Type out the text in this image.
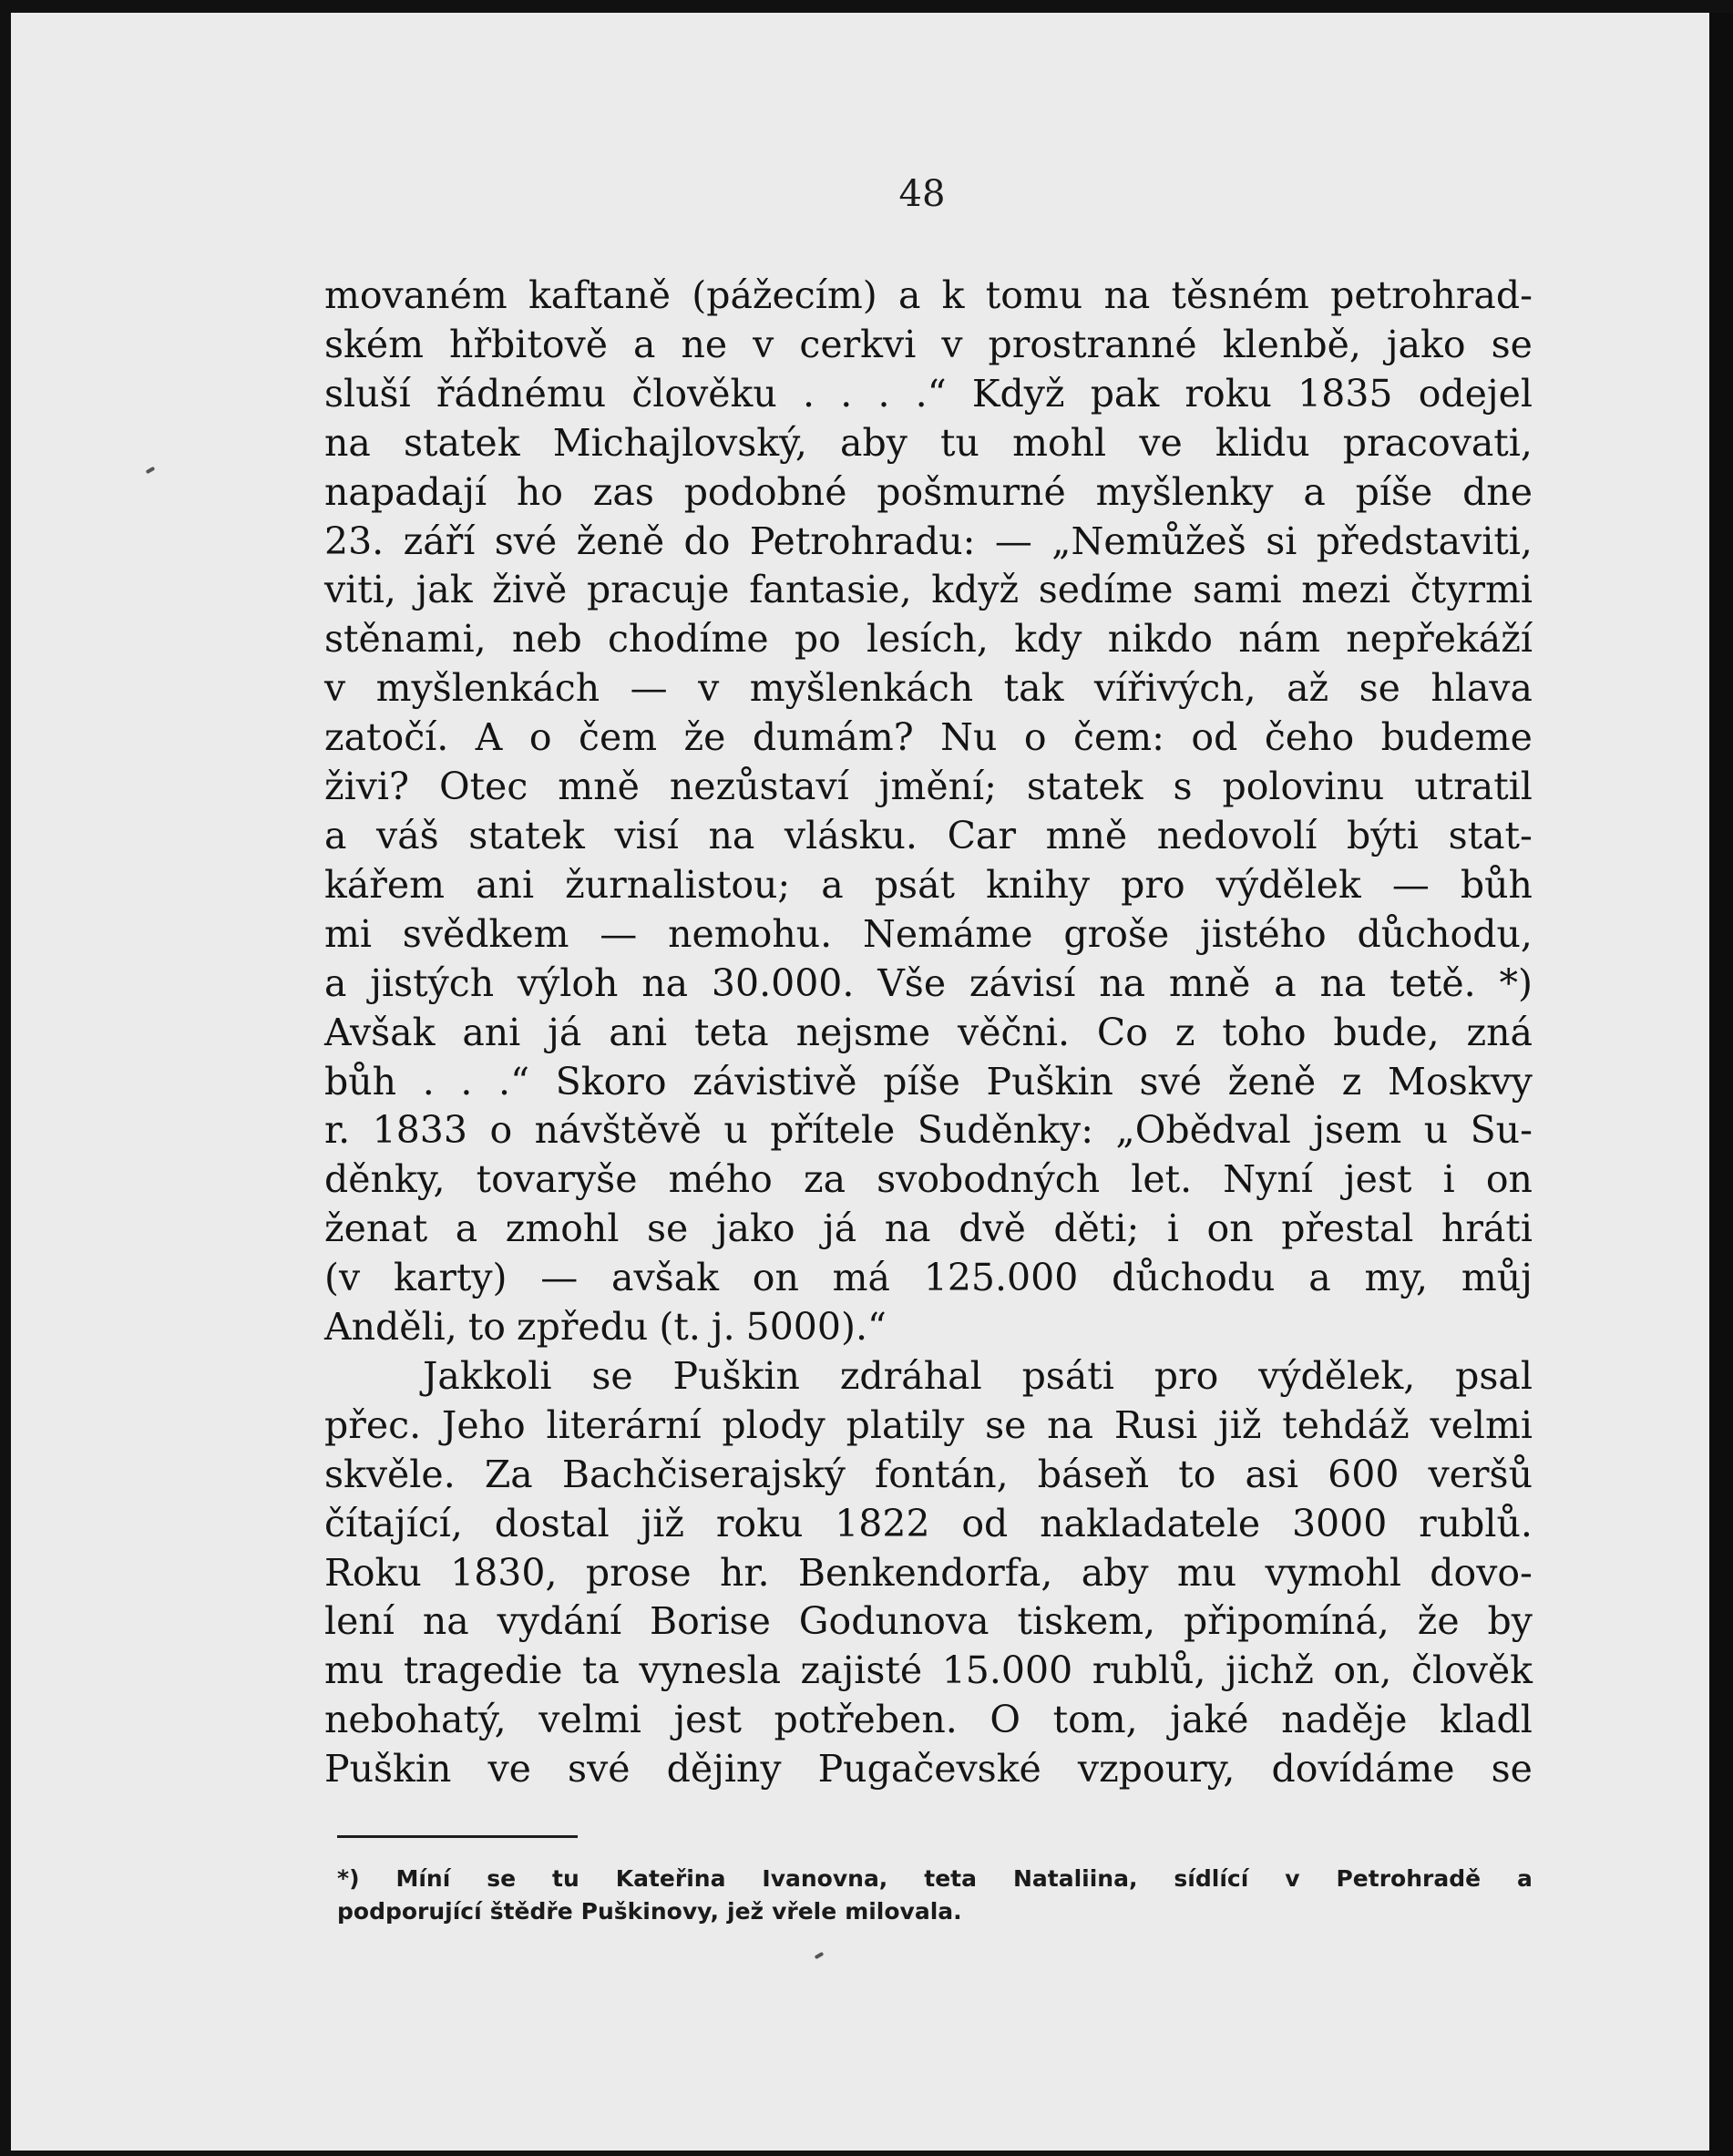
48
movaném kaftaně (pážecím) a k tomu na těsném petrohrad-
ském hřbitově a ne v cerkvi v prostranné klenbě, jako se
sluší řádnému člověku . . . .“ Když pak roku 1835 odejel
na statek Michajlovský, aby tu mohl ve klidu pracovati,
napadají ho zas podobné pošmurné myšlenky a píše dne
23. září své ženě do Petrohradu: — „Nemůžeš si představiti,
viti, jak živě pracuje fantasie, když sedíme sami mezi čtyrmi
stěnami, neb chodíme po lesích, kdy nikdo nám nepřekáží
v myšlenkách — v myšlenkách tak vířivých, až se hlava
zatočí. A o čem že dumám? Nu o čem: od čeho budeme
živi? Otec mně nezůstaví jmění; statek s polovinu utratil
a váš statek visí na vlásku. Car mně nedovolí býti stat-
kářem ani žurnalistou; a psát knihy pro výdělek — bůh
mi svědkem — nemohu. Nemáme groše jistého důchodu,
a jistých výloh na 30.000. Vše závisí na mně a na tetě. *)
Avšak ani já ani teta nejsme věčni. Co z toho bude, zná
bůh . . .“ Skoro závistivě píše Puškin své ženě z Moskvy
r. 1833 o návštěvě u přítele Suděnky: „Obědval jsem u Su-
děnky, tovaryše mého za svobodných let. Nyní jest i on
ženat a zmohl se jako já na dvě děti; i on přestal hráti
(v karty) — avšak on má 125.000 důchodu a my, můj
Anděli, to zpředu (t. j. 5000).“
Jakkoli se Puškin zdráhal psáti pro výdělek, psal
přec. Jeho literární plody platily se na Rusi již tehdáž velmi
skvěle. Za Bachčiserajský fontán, báseň to asi 600 veršů
čítající, dostal již roku 1822 od nakladatele 3000 rublů.
Roku 1830, prose hr. Benkendorfa, aby mu vymohl dovo-
lení na vydání Borise Godunova tiskem, připomíná, že by
mu tragedie ta vynesla zajisté 15.000 rublů, jichž on, člověk
nebohatý, velmi jest potřeben. O tom, jaké naděje kladl
Puškin ve své dějiny Pugačevské vzpoury, dovídáme se
*) Míní se tu Kateřina Ivanovna, teta Nataliina, sídlící v Petrohradě a
podporující štědře Puškinovy, jež vřele milovala.
